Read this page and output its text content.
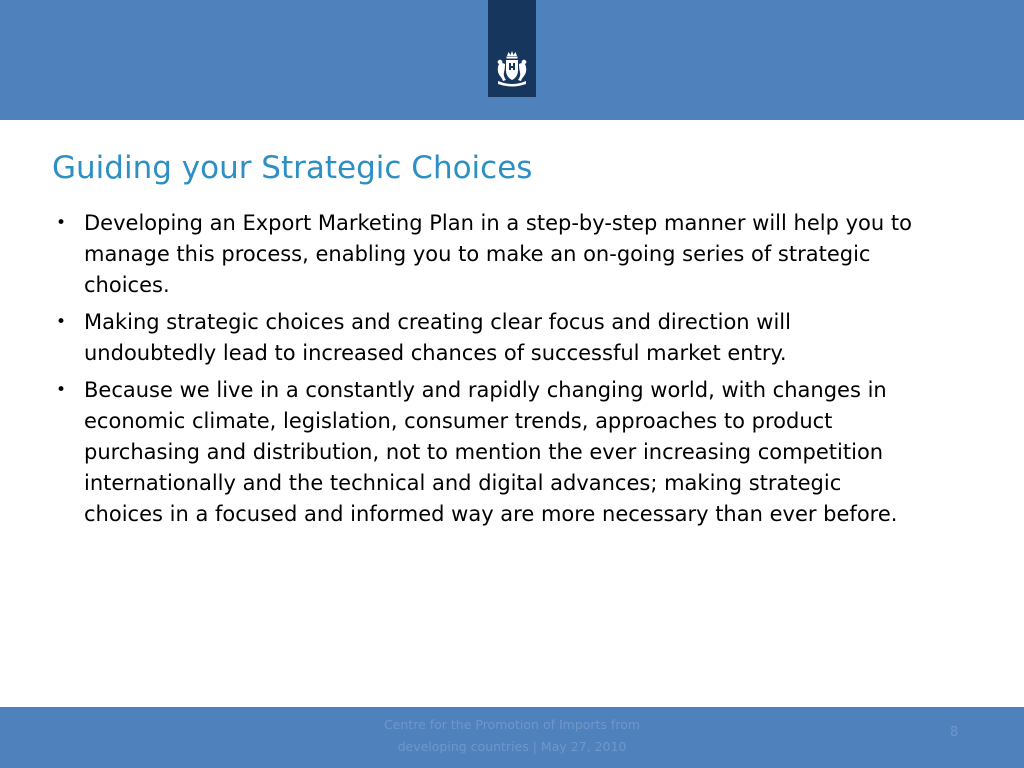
Guiding your Strategic Choices
• Developing an Export Marketing Plan in a step-by-step manner will help you to manage this process, enabling you to make an on-going series of strategic choices.
• Making strategic choices and creating clear focus and direction will undoubtedly lead to increased chances of successful market entry.
• Because we live in a constantly and rapidly changing world, with changes in economic climate, legislation, consumer trends, approaches to product purchasing and distribution, not to mention the ever increasing competition internationally and the technical and digital advances; making strategic choices in a focused and informed way are more necessary than ever before.
Centre for the Promotion of Imports from
developing countries | May 27, 2010
8
